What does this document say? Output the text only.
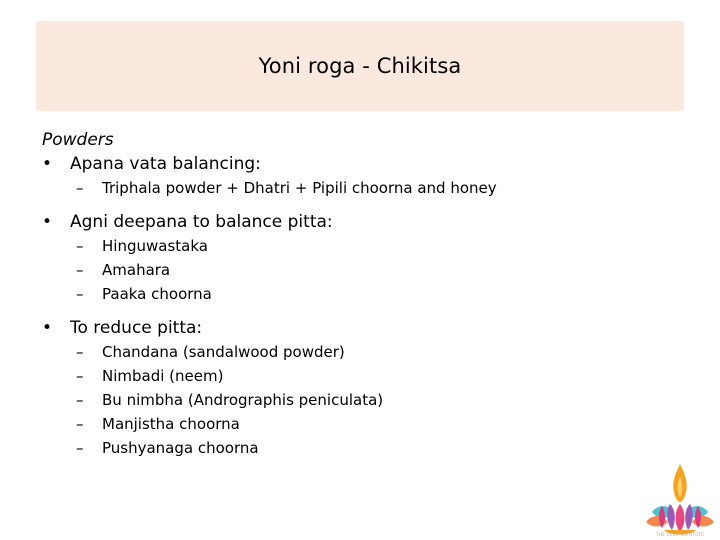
Yoni roga - Chikitsa

Powders

•	Apana vata balancing:
–	Triphala powder + Dhatri + Pipili choorna and honey
•	Agni deepana to balance pitta:
–	Hinguwastaka
–	Amahara
–	Paaka choorna
•	To reduce pitta:
–	Chandana (sandalwood powder)
–	Nimbadi (neem)
–	Bu nimbha (Andrographis peniculata)
–	Manjistha choorna
–	Pushyanaga choorna
THE YOGA INSTITUTE
